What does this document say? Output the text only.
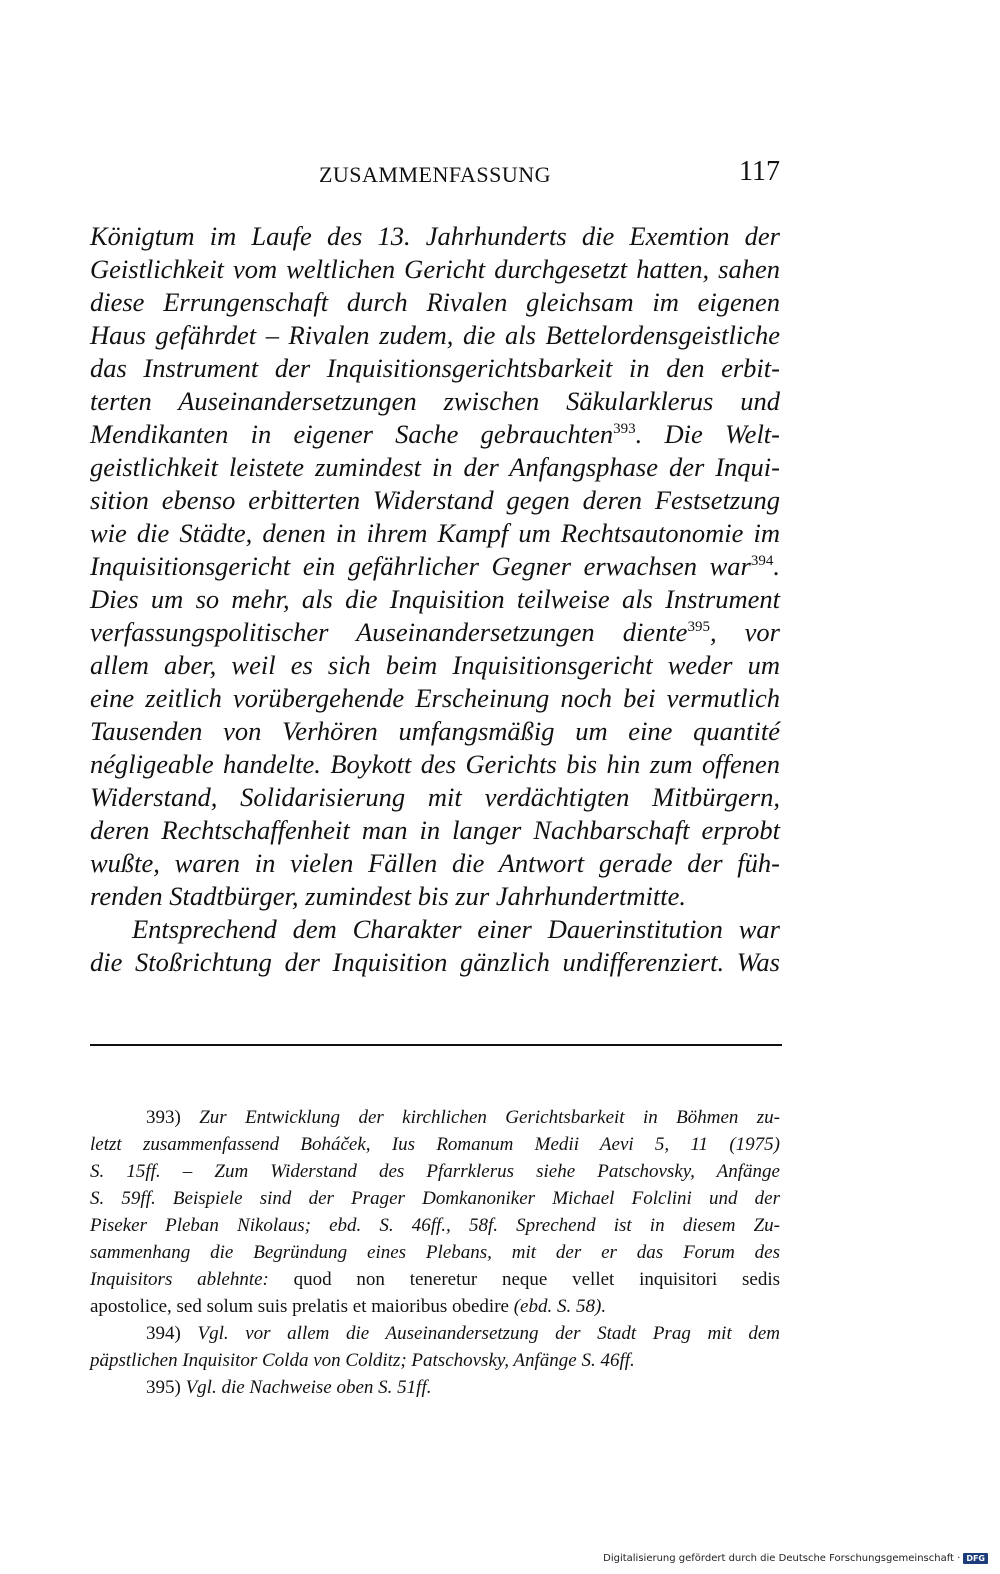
ZUSAMMENFASSUNG	117
Königtum im Laufe des 13. Jahrhunderts die Exemtion der
Geistlichkeit vom weltlichen Gericht durchgesetzt hatten, sahen
diese Errungenschaft durch Rivalen gleichsam im eigenen
Haus gefährdet – Rivalen zudem, die als Bettelordensgeistliche
das Instrument der Inquisitionsgerichtsbarkeit in den erbit-
terten Auseinandersetzungen zwischen Säkularklerus und
Mendikanten in eigener Sache gebrauchten$^{393}$. Die Welt-
geistlichkeit leistete zumindest in der Anfangsphase der Inqui-
sition ebenso erbitterten Widerstand gegen deren Festsetzung
wie die Städte, denen in ihrem Kampf um Rechtsautonomie im
Inquisitionsgericht ein gefährlicher Gegner erwachsen war$^{394}$.
Dies um so mehr, als die Inquisition teilweise als Instrument
verfassungspolitischer Auseinandersetzungen diente$^{395}$, vor
allem aber, weil es sich beim Inquisitionsgericht weder um
eine zeitlich vorübergehende Erscheinung noch bei vermutlich
Tausenden von Verhören umfangsmäßig um eine quantité
négligeable handelte. Boykott des Gerichts bis hin zum offenen
Widerstand, Solidarisierung mit verdächtigten Mitbürgern,
deren Rechtschaffenheit man in langer Nachbarschaft erprobt
wußte, waren in vielen Fällen die Antwort gerade der füh-
renden Stadtbürger, zumindest bis zur Jahrhundertmitte.
Entsprechend dem Charakter einer Dauerinstitution war
die Stoßrichtung der Inquisition gänzlich undifferenziert. Was
393) Zur Entwicklung der kirchlichen Gerichtsbarkeit in Böhmen zu-
letzt zusammenfassend Boháček, Ius Romanum Medii Aevi 5, 11 (1975)
S. 15ff. – Zum Widerstand des Pfarrklerus siehe Patschovsky, Anfänge
S. 59ff. Beispiele sind der Prager Domkanoniker Michael Folclini und der
Piseker Pleban Nikolaus; ebd. S. 46ff., 58f. Sprechend ist in diesem Zu-
sammenhang die Begründung eines Plebans, mit der er das Forum des
Inquisitors ablehnte: quod non teneretur neque vellet inquisitori sedis
apostolice, sed solum suis prelatis et maioribus obedire (ebd. S. 58).
394) Vgl. vor allem die Auseinandersetzung der Stadt Prag mit dem
päpstlichen Inquisitor Colda von Colditz; Patschovsky, Anfänge S. 46ff.
395) Vgl. die Nachweise oben S. 51ff.
Digitalisierung gefördert durch die Deutsche Forschungsgemeinschaft · DFG
